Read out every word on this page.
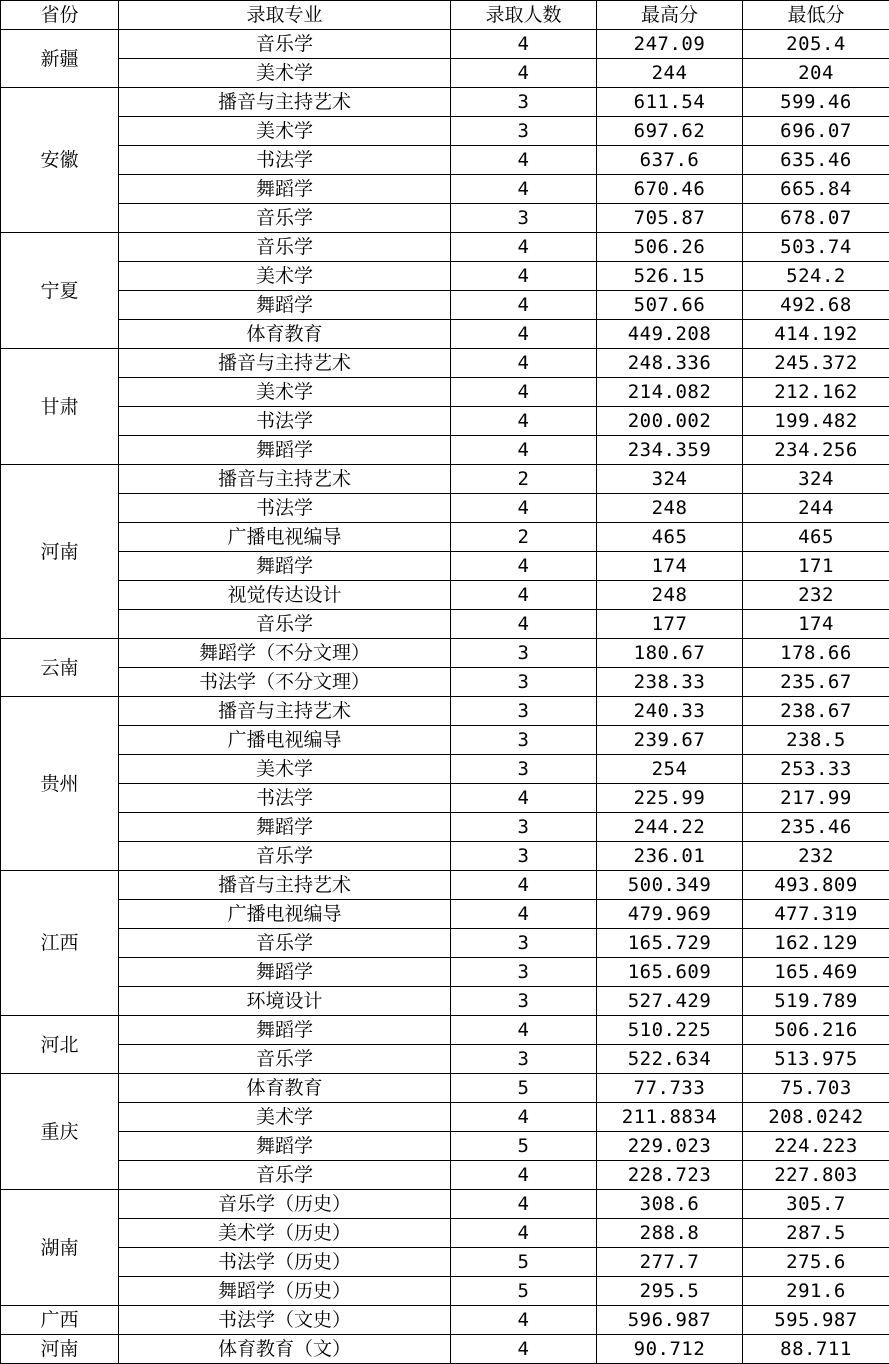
省份	录取专业	录取人数	最高分	最低分
新疆	音乐学	4	247.09	205.4
	美术学	4	244	204
安徽	播音与主持艺术	3	611.54	599.46
	美术学	3	697.62	696.07
	书法学	4	637.6	635.46
	舞蹈学	4	670.46	665.84
	音乐学	3	705.87	678.07
宁夏	音乐学	4	506.26	503.74
	美术学	4	526.15	524.2
	舞蹈学	4	507.66	492.68
	体育教育	4	449.208	414.192
甘肃	播音与主持艺术	4	248.336	245.372
	美术学	4	214.082	212.162
	书法学	4	200.002	199.482
	舞蹈学	4	234.359	234.256
河南	播音与主持艺术	2	324	324
	书法学	4	248	244
	广播电视编导	2	465	465
	舞蹈学	4	174	171
	视觉传达设计	4	248	232
	音乐学	4	177	174
云南	舞蹈学（不分文理）	3	180.67	178.66
	书法学（不分文理）	3	238.33	235.67
贵州	播音与主持艺术	3	240.33	238.67
	广播电视编导	3	239.67	238.5
	美术学	3	254	253.33
	书法学	4	225.99	217.99
	舞蹈学	3	244.22	235.46
	音乐学	3	236.01	232
江西	播音与主持艺术	4	500.349	493.809
	广播电视编导	4	479.969	477.319
	音乐学	3	165.729	162.129
	舞蹈学	3	165.609	165.469
	环境设计	3	527.429	519.789
河北	舞蹈学	4	510.225	506.216
	音乐学	3	522.634	513.975
重庆	体育教育	5	77.733	75.703
	美术学	4	211.8834	208.0242
	舞蹈学	5	229.023	224.223
	音乐学	4	228.723	227.803
湖南	音乐学（历史）	4	308.6	305.7
	美术学（历史）	4	288.8	287.5
	书法学（历史）	5	277.7	275.6
	舞蹈学（历史）	5	295.5	291.6
广西	书法学（文史）	4	596.987	595.987
河南	体育教育（文）	4	90.712	88.711
